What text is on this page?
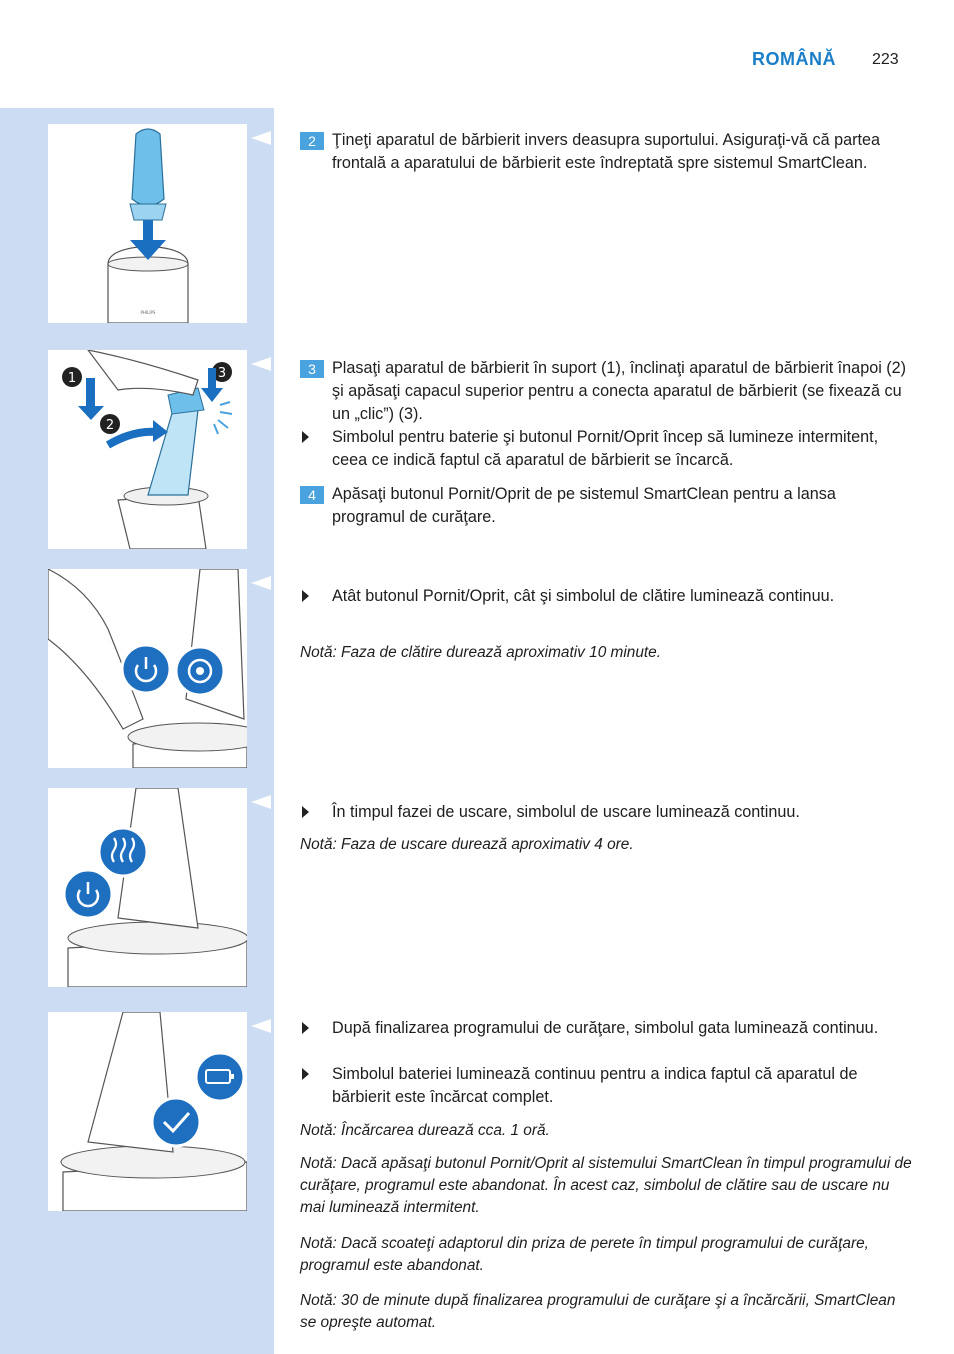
ROMÂNĂ 223
PHILIPS
1
2
3
2 Ţineţi aparatul de bărbierit invers deasupra suportului. Asiguraţi-vă că partea frontală a aparatului de bărbierit este îndreptată spre sistemul SmartClean.
3 Plasaţi aparatul de bărbierit în suport (1), înclinaţi aparatul de bărbierit înapoi (2) şi apăsaţi capacul superior pentru a conecta aparatul de bărbierit (se fixează cu un „clic”) (3).
Simbolul pentru baterie şi butonul Pornit/Oprit încep să lumineze intermitent, ceea ce indică faptul că aparatul de bărbierit se încarcă.
4 Apăsaţi butonul Pornit/Oprit de pe sistemul SmartClean pentru a lansa programul de curăţare.
Atât butonul Pornit/Oprit, cât şi simbolul de clătire luminează continuu.
Notă: Faza de clătire durează aproximativ 10 minute.
În timpul fazei de uscare, simbolul de uscare luminează continuu.
Notă: Faza de uscare durează aproximativ 4 ore.
După finalizarea programului de curăţare, simbolul gata luminează continuu.
Simbolul bateriei luminează continuu pentru a indica faptul că aparatul de bărbierit este încărcat complet.
Notă: Încărcarea durează cca. 1 oră.
Notă: Dacă apăsaţi butonul Pornit/Oprit al sistemului SmartClean în timpul programului de curăţare, programul este abandonat. În acest caz, simbolul de clătire sau de uscare nu mai luminează intermitent.
Notă: Dacă scoateţi adaptorul din priza de perete în timpul programului de curăţare, programul este abandonat.
Notă: 30 de minute după finalizarea programului de curăţare şi a încărcării, SmartClean se opreşte automat.
